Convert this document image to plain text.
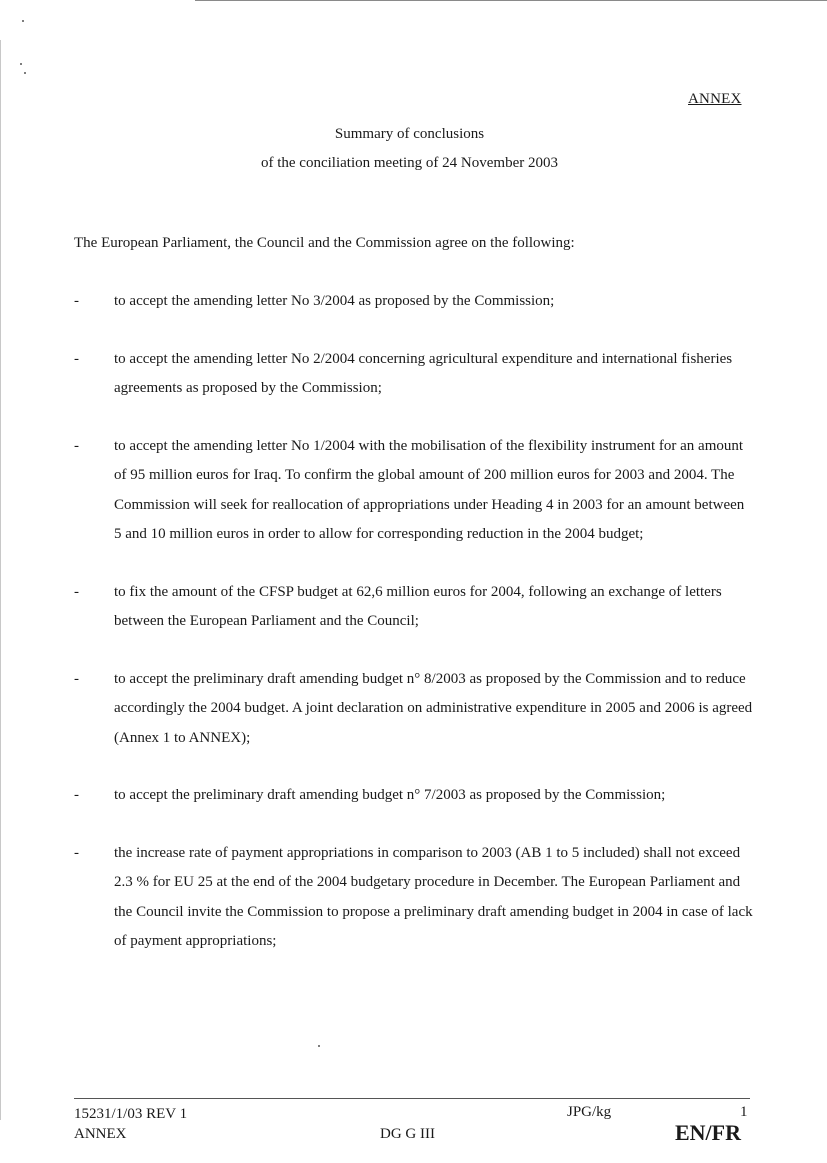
ANNEX
Summary of conclusions
of the conciliation meeting of 24 November 2003
The European Parliament, the Council and the Commission agree on the following:
- to accept the amending letter No 3/2004 as proposed by the Commission;
- to accept the amending letter No 2/2004 concerning agricultural expenditure and international fisheries agreements as proposed by the Commission;
- to accept the amending letter No 1/2004 with the mobilisation of the flexibility instrument for an amount of 95 million euros for Iraq. To confirm the global amount of 200 million euros for 2003 and 2004. The Commission will seek for reallocation of appropriations under Heading 4 in 2003 for an amount between 5 and 10 million euros in order to allow for corresponding reduction in the 2004 budget;
- to fix the amount of the CFSP budget at 62,6 million euros for 2004, following an exchange of letters between the European Parliament and the Council;
- to accept the preliminary draft amending budget n° 8/2003 as proposed by the Commission and to reduce accordingly the 2004 budget. A joint declaration on administrative expenditure in 2005 and 2006 is agreed (Annex 1 to ANNEX);
- to accept the preliminary draft amending budget n° 7/2003 as proposed by the Commission;
- the increase rate of payment appropriations in comparison to 2003 (AB 1 to 5 included) shall not exceed 2.3 % for EU 25 at the end of the 2004 budgetary procedure in December. The European Parliament and the Council invite the Commission to propose a preliminary draft amending budget in 2004 in case of lack of payment appropriations;
15231/1/03 REV 1
ANNEX	DG G III
JPG/kg	1
EN/FR
